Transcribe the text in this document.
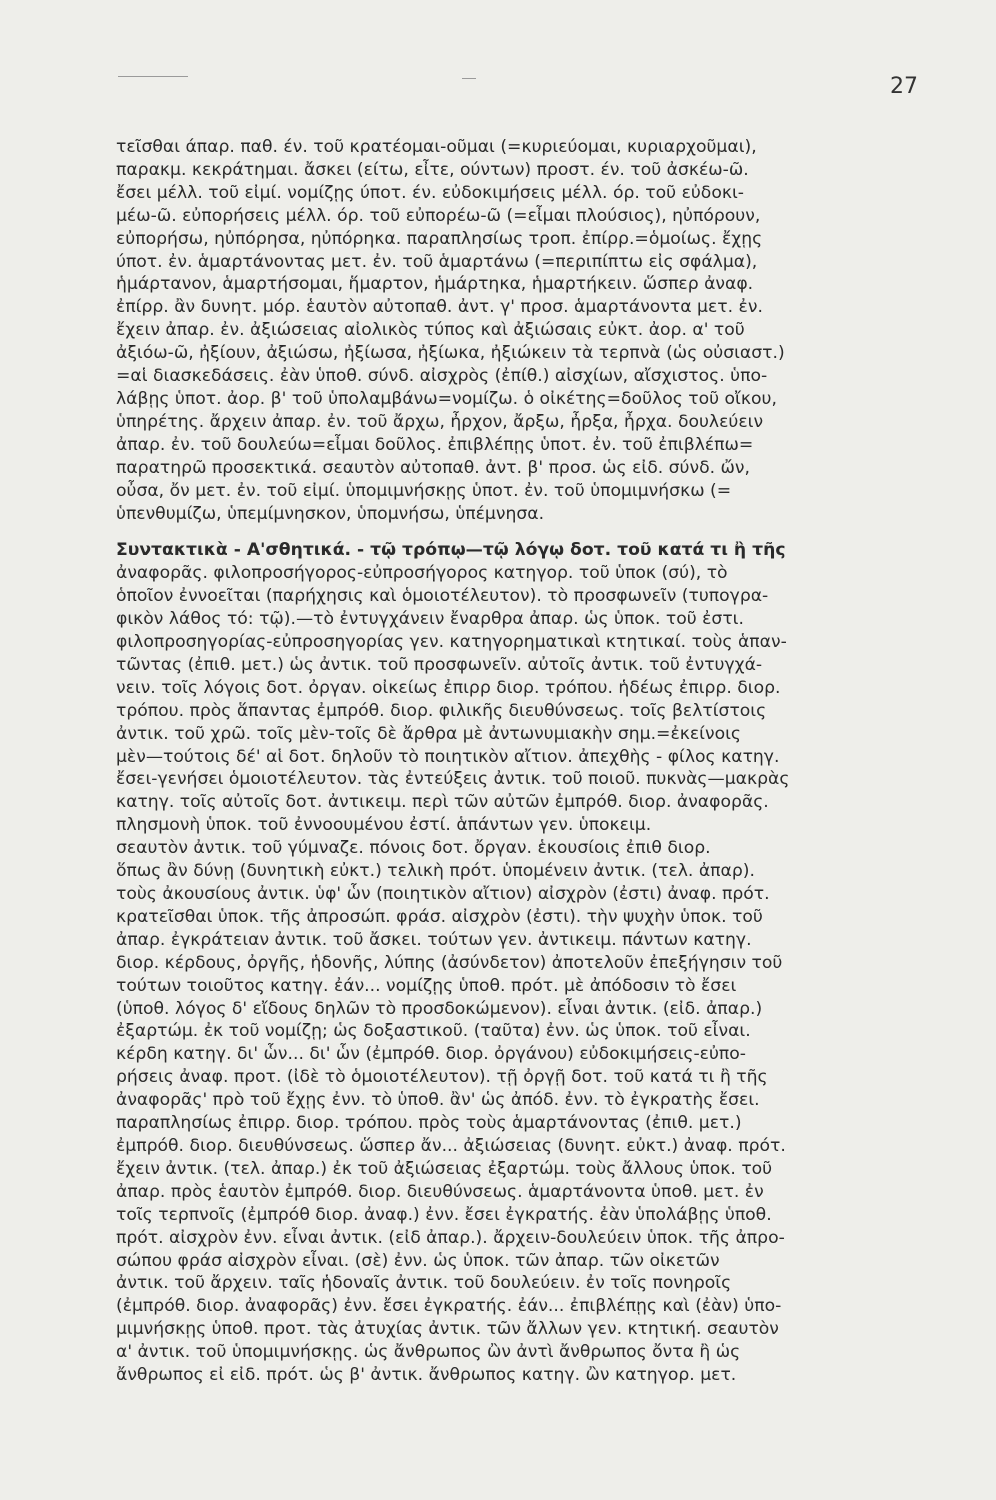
27

τεῖσθαι άπαρ. παθ. έν. τοῦ κρατέομαι-οῦμαι (=κυριεύομαι, κυριαρχοῦμαι),
παρακμ. κεκράτημαι. ἄσκει (είτω, εἶτε, ούντων) προστ. έν. τοῦ ἀσκέω-ῶ.
ἔσει μέλλ. τοῦ εἰμί. νομίζῃς ύποτ. έν. εὐδοκιμήσεις μέλλ. όρ. τοῦ εὐδοκι-
μέω-ῶ. εὐπορήσεις μέλλ. όρ. τοῦ εὐπορέω-ῶ (=εἶμαι πλούσιος), ηὐπόρουν,
εὐπορήσω, ηὐπόρησα, ηὐπόρηκα. παραπλησίως τροπ. ἐπίρρ.=ὁμοίως. ἔχῃς
ύποτ. ἐν. ἁμαρτάνοντας μετ. ἐν. τοῦ ἁμαρτάνω (=περιπίπτω εἰς σφάλμα),
ἡμάρτανον, ἁμαρτήσομαι, ἥμαρτον, ἡμάρτηκα, ἡμαρτήκειν. ὥσπερ ἀναφ.
ἐπίρρ. ἂν δυνητ. μόρ. ἑαυτὸν αὐτοπαθ. ἀντ. γ' προσ. ἁμαρτάνοντα μετ. ἐν.
ἔχειν ἀπαρ. ἐν. ἀξιώσειας αἰολικὸς τύπος καὶ ἀξιώσαις εὐκτ. ἀορ. α' τοῦ
ἀξιόω-ῶ, ἠξίουν, ἀξιώσω, ἠξίωσα, ἠξίωκα, ἠξιώκειν τὰ τερπνὰ (ὡς οὐσιαστ.)
=αἱ διασκεδάσεις. ἐὰν ὑποθ. σύνδ. αἰσχρὸς (ἐπίθ.) αἰσχίων, αἴσχιστος. ὑπο-
λάβῃς ὑποτ. ἀορ. β' τοῦ ὑπολαμβάνω=νομίζω. ὁ οἰκέτης=δοῦλος τοῦ οἴκου,
ὑπηρέτης. ἄρχειν ἀπαρ. ἐν. τοῦ ἄρχω, ἦρχον, ἄρξω, ἦρξα, ἦρχα. δουλεύειν
ἀπαρ. ἐν. τοῦ δουλεύω=εἶμαι δοῦλος. ἐπιβλέπῃς ὑποτ. ἐν. τοῦ ἐπιβλέπω=
παρατηρῶ προσεκτικά. σεαυτὸν αὐτοπαθ. ἀντ. β' προσ. ὡς εἰδ. σύνδ. ὤν,
οὖσα, ὄν μετ. ἐν. τοῦ εἰμί. ὑπομιμνήσκῃς ὑποτ. ἐν. τοῦ ὑπομιμνήσκω (=
ὑπενθυμίζω, ὑπεμίμνησκον, ὑπομνήσω, ὑπέμνησα.

Συντακτικὰ - Α'σθητικά. - τῷ τρόπῳ—τῷ λόγῳ δοτ. τοῦ κατά τι ἢ τῆς
ἀναφορᾶς. φιλοπροσήγορος-εὐπροσήγορος κατηγορ. τοῦ ὑποκ (σύ), τὸ
ὁποῖον ἐννοεῖται (παρήχησις καὶ ὁμοιοτέλευτον). τὸ προσφωνεῖν (τυπογρα-
φικὸν λάθος τό: τῷ).—τὸ ἐντυγχάνειν ἔναρθρα ἀπαρ. ὡς ὑποκ. τοῦ ἐστι.
φιλοπροσηγορίας-εὐπροσηγορίας γεν. κατηγορηματικαὶ κτητικαί. τοὺς ἁπαν-
τῶντας (ἐπιθ. μετ.) ὡς ἀντικ. τοῦ προσφωνεῖν. αὐτοῖς ἀντικ. τοῦ ἐντυγχά-
νειν. τοῖς λόγοις δοτ. ὀργαν. οἰκείως ἐπιρρ διορ. τρόπου. ἡδέως ἐπιρρ. διορ.
τρόπου. πρὸς ἅπαντας ἐμπρόθ. διορ. φιλικῆς διευθύνσεως. τοῖς βελτίστοις
ἀντικ. τοῦ χρῶ. τοῖς μὲν-τοῖς δὲ ἄρθρα μὲ ἀντωνυμιακὴν σημ.=ἐκείνοις
μὲν—τούτοις δέ' αἱ δοτ. δηλοῦν τὸ ποιητικὸν αἴτιον. ἀπεχθὴς - φίλος κατηγ.
ἔσει-γενήσει ὁμοιοτέλευτον. τὰς ἐντεύξεις ἀντικ. τοῦ ποιοῦ. πυκνὰς—μακρὰς
κατηγ. τοῖς αὐτοῖς δοτ. ἀντικειμ. περὶ τῶν αὐτῶν ἐμπρόθ. διορ. ἀναφορᾶς.
πλησμονὴ ὑποκ. τοῦ ἐννοουμένου ἐστί. ἁπάντων γεν. ὑποκειμ.
σεαυτὸν ἀντικ. τοῦ γύμναζε. πόνοις δοτ. ὄργαν. ἑκουσίοις ἐπιθ διορ.
ὅπως ἂν δύνῃ (δυνητικὴ εὐκτ.) τελικὴ πρότ. ὑπομένειν ἀντικ. (τελ. ἀπαρ).
τοὺς ἀκουσίους ἀντικ. ὑφ' ὧν (ποιητικὸν αἴτιον) αἰσχρὸν (ἐστι) ἀναφ. πρότ.
κρατεῖσθαι ὑποκ. τῆς ἀπροσώπ. φράσ. αἰσχρὸν (ἐστι). τὴν ψυχὴν ὑποκ. τοῦ
ἀπαρ. ἐγκράτειαν ἀντικ. τοῦ ἄσκει. τούτων γεν. ἀντικειμ. πάντων κατηγ.
διορ. κέρδους, ὀργῆς, ἡδονῆς, λύπης (ἀσύνδετον) ἀποτελοῦν ἐπεξήγησιν τοῦ
τούτων τοιοῦτος κατηγ. ἐάν... νομίζῃς ὑποθ. πρότ. μὲ ἀπόδοσιν τὸ ἔσει
(ὑποθ. λόγος δ' εἴδους δηλῶν τὸ προσδοκώμενον). εἶναι ἀντικ. (εἰδ. ἀπαρ.)
ἐξαρτώμ. ἐκ τοῦ νομίζῃ; ὡς δοξαστικοῦ. (ταῦτα) ἐνν. ὡς ὑποκ. τοῦ εἶναι.
κέρδη κατηγ. δι' ὧν... δι' ὧν (ἐμπρόθ. διορ. ὀργάνου) εὐδοκιμήσεις-εὐπο-
ρήσεις ἀναφ. προτ. (ἰδὲ τὸ ὁμοιοτέλευτον). τῇ ὀργῇ δοτ. τοῦ κατά τι ἢ τῆς
ἀναφορᾶς' πρὸ τοῦ ἔχῃς ἐνν. τὸ ὑποθ. ἂν' ὡς ἀπόδ. ἐνν. τὸ ἐγκρατὴς ἔσει.
παραπλησίως ἐπιρρ. διορ. τρόπου. πρὸς τοὺς ἁμαρτάνοντας (ἐπιθ. μετ.)
ἐμπρόθ. διορ. διευθύνσεως. ὥσπερ ἄν... ἀξιώσειας (δυνητ. εὐκτ.) ἀναφ. πρότ.
ἔχειν ἀντικ. (τελ. ἀπαρ.) ἐκ τοῦ ἀξιώσειας ἐξαρτώμ. τοὺς ἄλλους ὑποκ. τοῦ
ἀπαρ. πρὸς ἑαυτὸν ἐμπρόθ. διορ. διευθύνσεως. ἁμαρτάνοντα ὑποθ. μετ. ἐν
τοῖς τερπνοῖς (ἐμπρόθ διορ. ἀναφ.) ἐνν. ἔσει ἐγκρατής. ἐὰν ὑπολάβῃς ὑποθ.
πρότ. αἰσχρὸν ἐνν. εἶναι ἀντικ. (εἰδ ἀπαρ.). ἄρχειν-δουλεύειν ὑποκ. τῆς ἀπρο-
σώπου φράσ αἰσχρὸν εἶναι. (σὲ) ἐνν. ὡς ὑποκ. τῶν ἀπαρ. τῶν οἰκετῶν
ἀντικ. τοῦ ἄρχειν. ταῖς ἡδοναῖς ἀντικ. τοῦ δουλεύειν. ἐν τοῖς πονηροῖς
(ἐμπρόθ. διορ. ἀναφορᾶς) ἐνν. ἔσει ἐγκρατής. ἐάν... ἐπιβλέπῃς καὶ (ἐὰν) ὑπο-
μιμνήσκῃς ὑποθ. προτ. τὰς ἀτυχίας ἀντικ. τῶν ἄλλων γεν. κτητική. σεαυτὸν
α' ἀντικ. τοῦ ὑπομιμνήσκῃς. ὡς ἄνθρωπος ὢν ἀντὶ ἄνθρωπος ὄντα ἢ ὡς
ἄνθρωπος εἰ εἰδ. πρότ. ὡς β' ἀντικ. ἄνθρωπος κατηγ. ὢν κατηγορ. μετ.
